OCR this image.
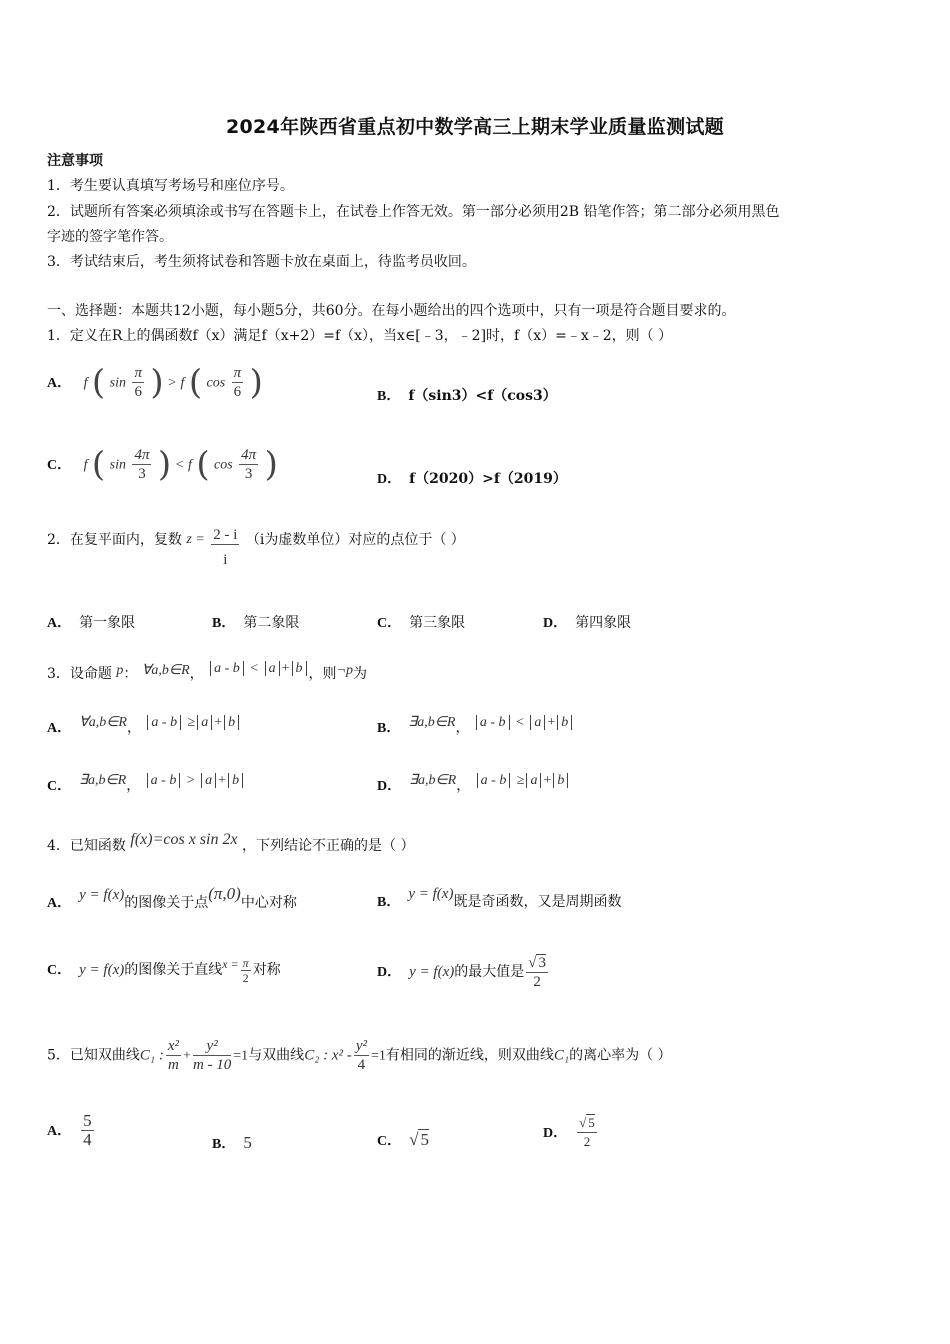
2024年陕西省重点初中数学高三上期末学业质量监测试题
注意事项
1．考生要认真填写考场号和座位序号。
2．试题所有答案必须填涂或书写在答题卡上，在试卷上作答无效。第一部分必须用2B 铅笔作答；第二部分必须用黑色
字迹的签字笔作答。
3．考试结束后，考生须将试卷和答题卡放在桌面上，待监考员收回。
一、选择题：本题共12小题，每小题5分，共60分。在每小题给出的四个选项中，只有一项是符合题目要求的。
1．定义在R上的偶函数f（x）满足f（x+2）=f（x），当x∈[﹣3，﹣2]时，f（x）=﹣x﹣2，则（ ）
A． f ( $\sin \frac{\pi}{6}$ ) > f ( $\cos \frac{\pi}{6}$ )	B． f（sin3）<f（cos3）
C． f ( $\sin \frac{4\pi}{3}$ ) < f ( $\cos \frac{4\pi}{3}$ )	D． f（2020）>f（2019）
2．在复平面内，复数 $z = \frac{2 - i}{i} (i$为虚数单位）对应的点位于（ ）
A． 第一象限	B． 第二象限	C． 第三象限	D． 第四象限
3．设命题 p： ∀a,b∈R， a - b < a + b ，则¬p为
A． ∀a,b∈R， a - b ≥ a + b	B． ∃a,b∈R， a - b < a + b
C． ∃a,b∈R， a - b > a + b	D． ∃a,b∈R， a - b ≥ a + b
4．已知函数 f(x)=cos x sin 2x ，下列结论不正确的是（ ）
A．y = f(x)的图像关于点(π,0)中心对称	B．y = f(x)既是奇函数，又是周期函数
C． y = f(x)的图像关于直线$x = \frac{\pi}{2}$ 对称	D． y = f(x)的最大值是 $\frac{√ 3}{2}$
5．已知双曲线C₁ : $\frac{\text{x²}}{m} + \frac{\text{y²}}{m - 10} =1$与双曲线C₂ : $x^2 - \frac{\text{y²}}{4} =1$有相同的渐近线，则双曲线C₁的离心率为（ ）
A． $\frac{5}{4}$	B． 5	C． √ 5	D． $\frac{√ 5}{2}$
